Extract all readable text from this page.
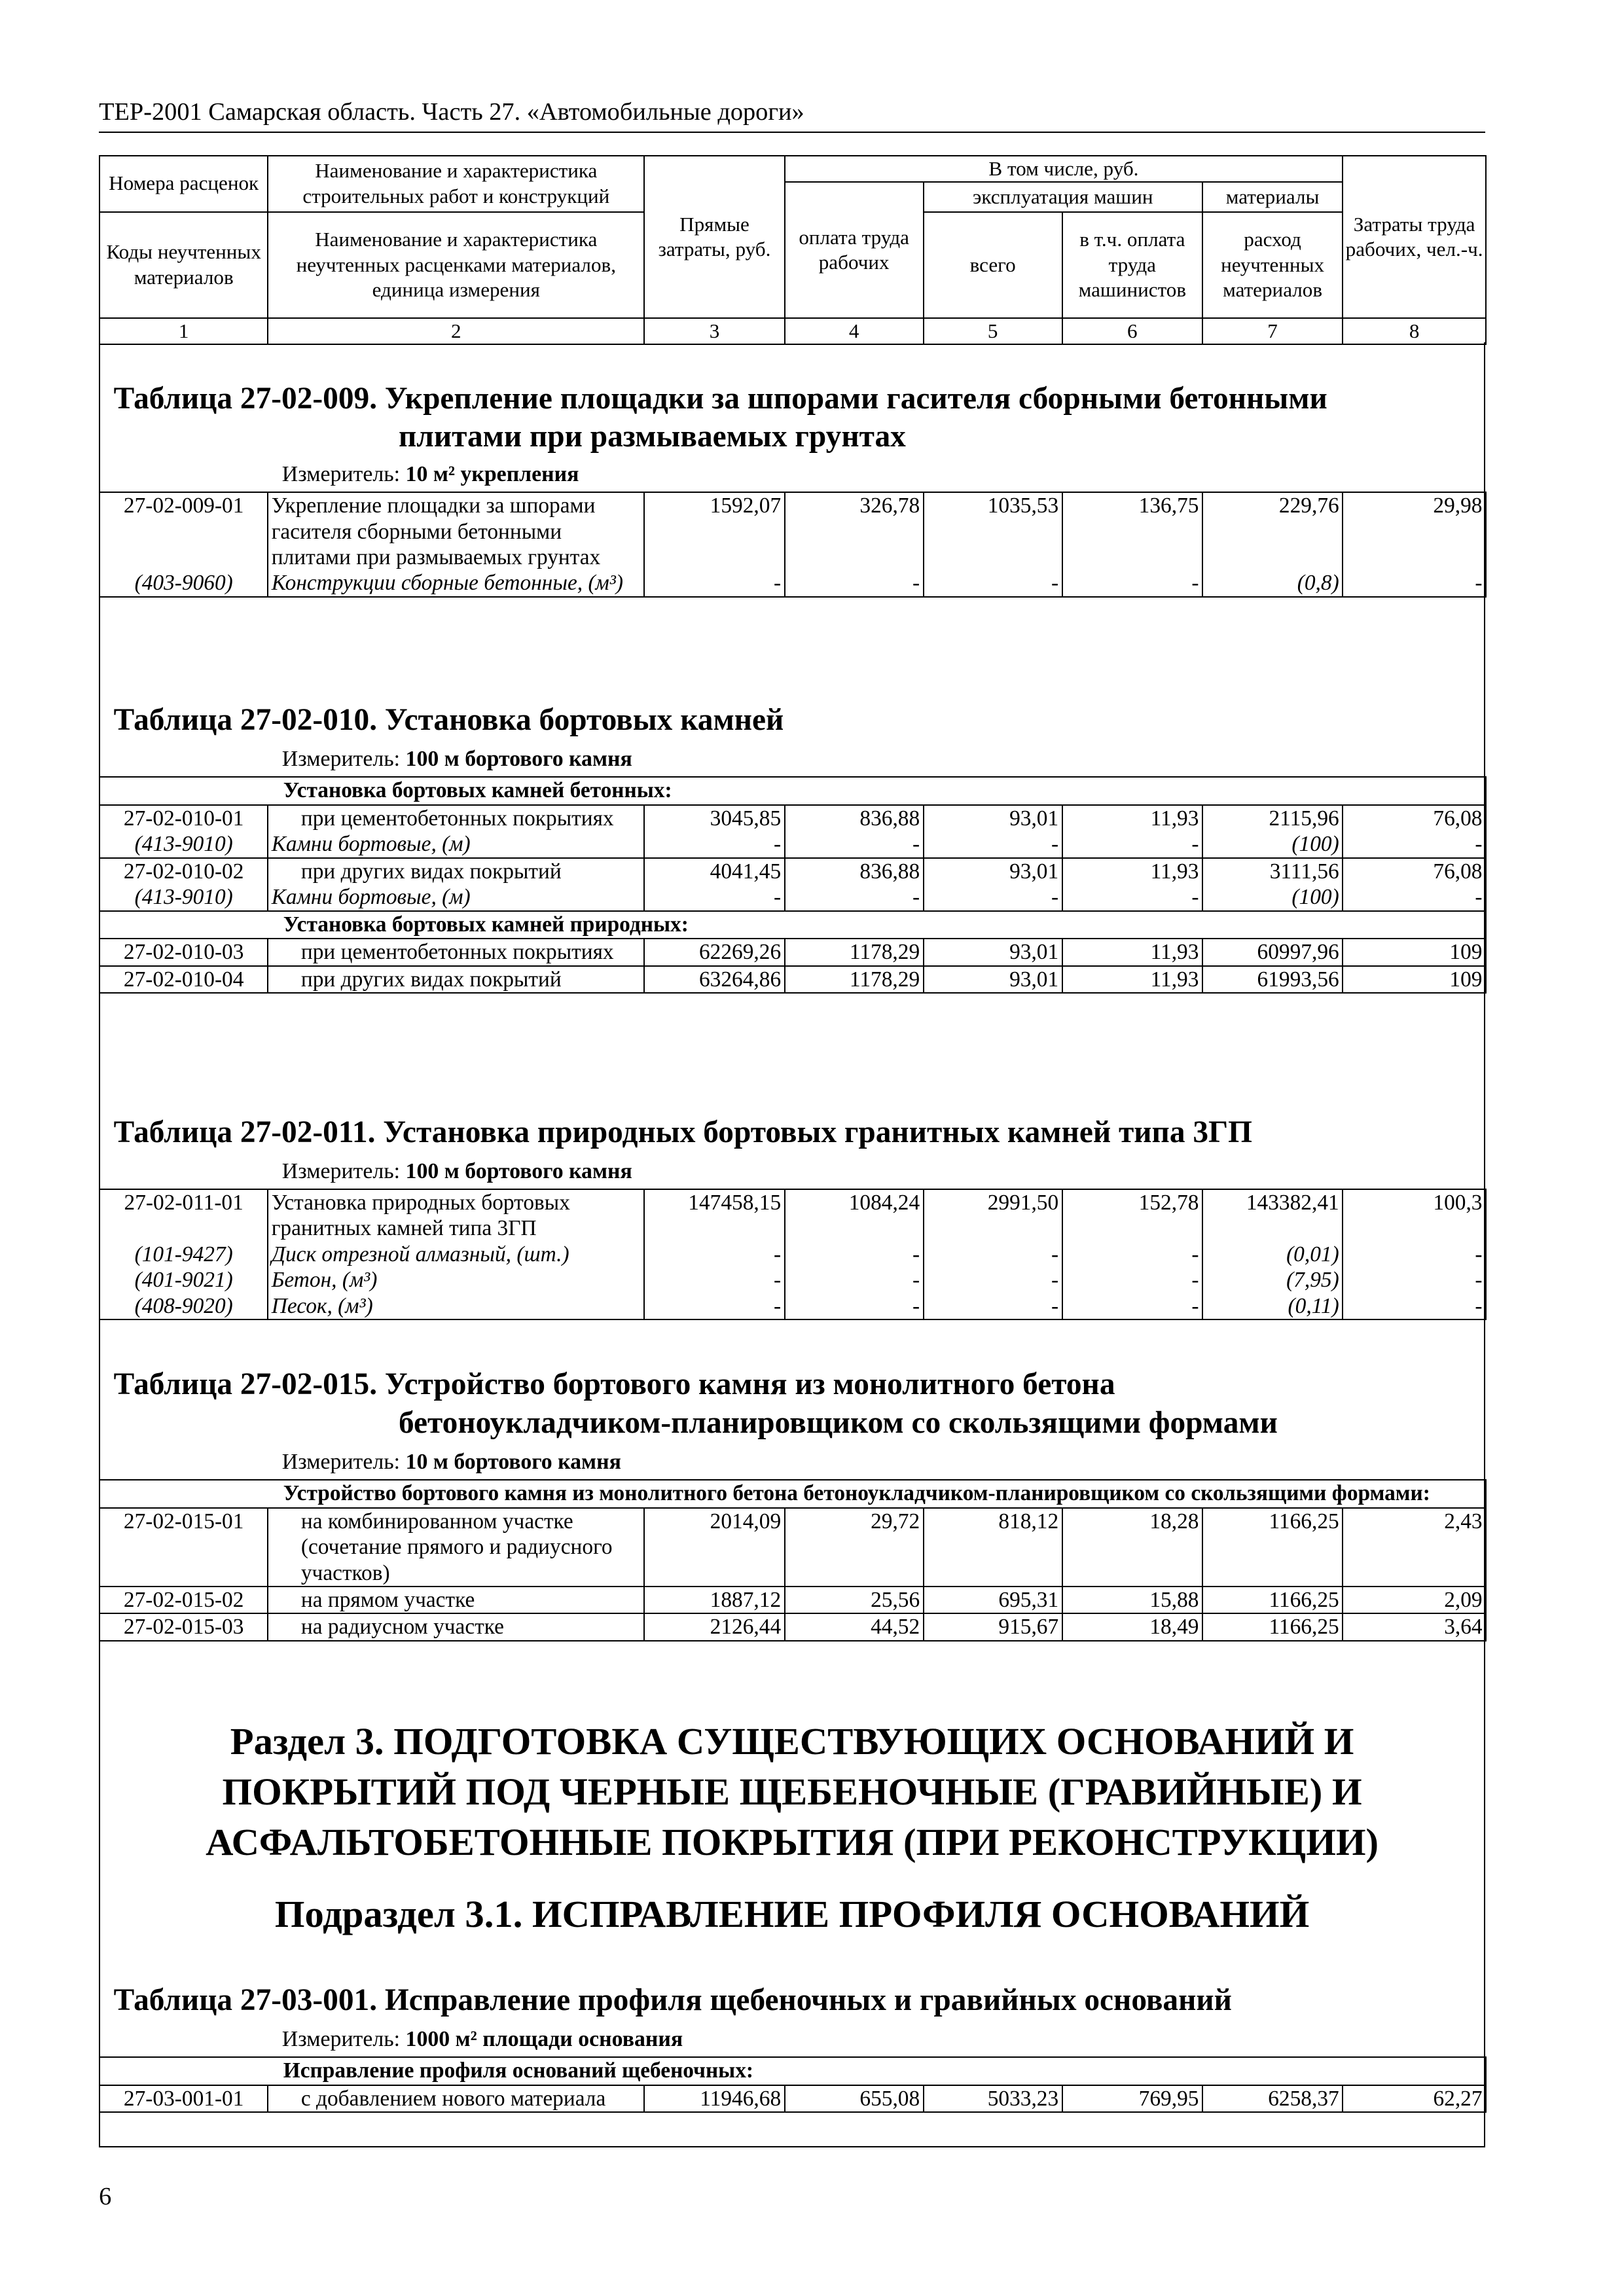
ТЕР-2001 Самарская область. Часть 27. «Автомобильные дороги»
Номера расценок	Наименование и характеристика строительных работ и конструкций	Прямые затраты, руб.	В том числе, руб.				Затраты труда рабочих, чел.-ч.
			оплата труда рабочих	эксплуатация машин		материалы	
Коды неучтенных материалов	Наименование и характеристика неучтенных расценками материалов, единица измерения			всего	в т.ч. оплата труда машинистов	расход неучтенных материалов	

1	2	3	4	5	6	7	8
Таблица 27-02-009. Укрепление площадки за шпорами гасителя сборными бетонными
плитами при размываемых грунтах
Измеритель: 10 м² укрепления
27-02-009-01	Укрепление площадки за шпорами гасителя сборными бетонными плитами при размываемых грунтах	1592,07	326,78	1035,53	136,75	229,76	29,98
(403-9060)	Конструкции сборные бетонные, (м³)	-	-	-	-	(0,8)	-
Таблица 27-02-010. Установка бортовых камней
Измеритель: 100 м бортового камня
Установка бортовых камней бетонных:							
27-02-010-01	при цементобетонных покрытиях	3045,85	836,88	93,01	11,93	2115,96	76,08
(413-9010)	Камни бортовые, (м)	-	-	-	-	(100)	-
27-02-010-02	при других видах покрытий	4041,45	836,88	93,01	11,93	3111,56	76,08
(413-9010)	Камни бортовые, (м)	-	-	-	-	(100)	-
Установка бортовых камней природных:							
27-02-010-03	при цементобетонных покрытиях	62269,26	1178,29	93,01	11,93	60997,96	109
27-02-010-04	при других видах покрытий	63264,86	1178,29	93,01	11,93	61993,56	109
Таблица 27-02-011. Установка природных бортовых гранитных камней типа 3ГП
Измеритель: 100 м бортового камня
27-02-011-01	Установка природных бортовых гранитных камней типа 3ГП	147458,15	1084,24	2991,50	152,78	143382,41	100,3
(101-9427)	Диск отрезной алмазный, (шт.)	-	-	-	-	(0,01)	-
(401-9021)	Бетон, (м³)	-	-	-	-	(7,95)	-
(408-9020)	Песок, (м³)	-	-	-	-	(0,11)	-
Таблица 27-02-015. Устройство бортового камня из монолитного бетона
бетоноукладчиком-планировщиком со скользящими формами
Измеритель: 10 м бортового камня
Устройство бортового камня из монолитного бетона бетоноукладчиком-планировщиком со скользящими формами:							
27-02-015-01	на комбинированном участке (сочетание прямого и радиусного участков)	2014,09	29,72	818,12	18,28	1166,25	2,43
27-02-015-02	на прямом участке	1887,12	25,56	695,31	15,88	1166,25	2,09
27-02-015-03	на радиусном участке	2126,44	44,52	915,67	18,49	1166,25	3,64
Раздел 3. ПОДГОТОВКА СУЩЕСТВУЮЩИХ ОСНОВАНИЙ И
ПОКРЫТИЙ ПОД ЧЕРНЫЕ ЩЕБЕНОЧНЫЕ (ГРАВИЙНЫЕ) И
АСФАЛЬТОБЕТОННЫЕ ПОКРЫТИЯ (ПРИ РЕКОНСТРУКЦИИ)
Подраздел 3.1. ИСПРАВЛЕНИЕ ПРОФИЛЯ ОСНОВАНИЙ
Таблица 27-03-001. Исправление профиля щебеночных и гравийных оснований
Измеритель: 1000 м² площади основания
Исправление профиля оснований щебеночных:
27-03-001-01	с добавлением нового материала	11946,68	655,08	5033,23	769,95	6258,37	62,27
6
